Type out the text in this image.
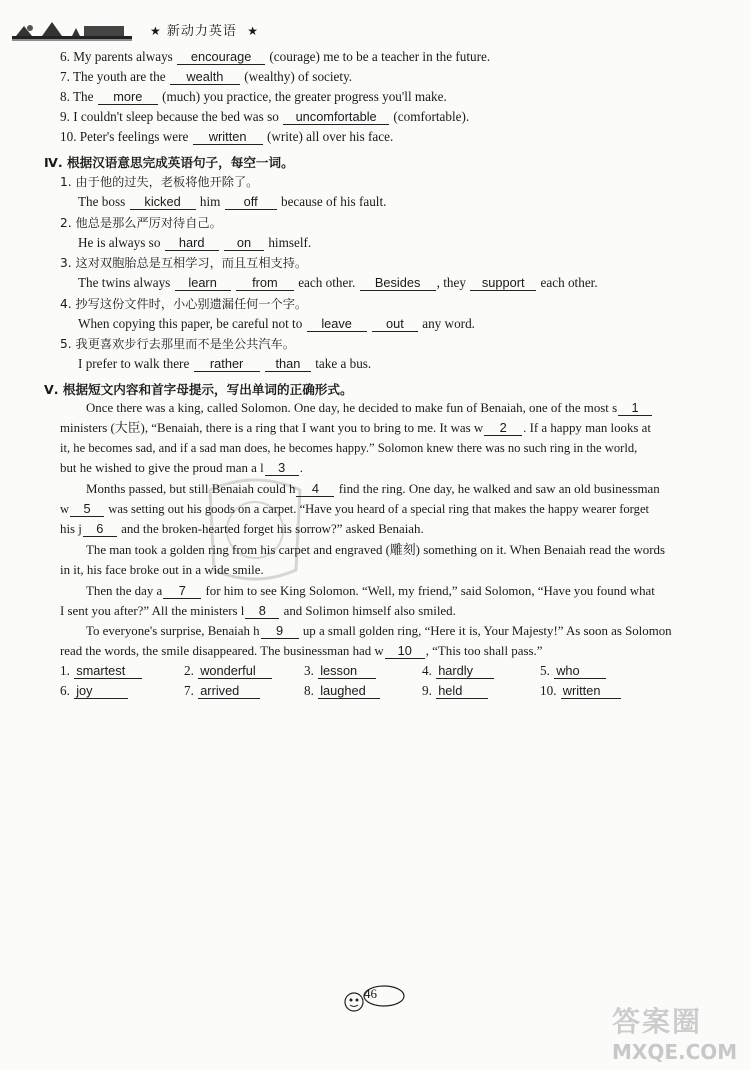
★ 新动力英语 ★
6. My parents always encourage (courage) me to be a teacher in the future.
7. The youth are the wealth (wealthy) of society.
8. The more (much) you practice, the greater progress you'll make.
9. I couldn't sleep because the bed was so uncomfortable (comfortable).
10. Peter's feelings were written (write) all over his face.
Ⅳ. 根据汉语意思完成英语句子，每空一词。
1. 由于他的过失，老板将他开除了。
The boss kicked him off because of his fault.
2. 他总是那么严厉对待自己。
He is always so hard	on himself.
3. 这对双胞胎总是互相学习，而且互相支持。
The twins always learn	from each other. Besides , they support each other.
4. 抄写这份文件时，小心别遗漏任何一个字。
When copying this paper, be careful not to leave	out any word.
5. 我更喜欢步行去那里而不是坐公共汽车。
I prefer to walk there rather	than take a bus.
Ⅴ. 根据短文内容和首字母提示，写出单词的正确形式。
Once there was a king, called Solomon. One day, he decided to make fun of Benaiah, one of the most s 1
ministers (大臣), “Benaiah, there is a ring that I want you to bring to me. It was w 2 . If a happy man looks at
it, he becomes sad, and if a sad man does, he becomes happy.” Solomon knew there was no such ring in the world,
but he wished to give the proud man a l 3 .
Months passed, but still Benaiah could h 4 find the ring. One day, he walked and saw an old businessman
w 5 was setting out his goods on a carpet. “Have you heard of a special ring that makes the happy wearer forget
his j 6 and the broken-hearted forget his sorrow?” asked Benaiah.
The man took a golden ring from his carpet and engraved (雕刻) something on it. When Benaiah read the words
in it, his face broke out in a wide smile.
Then the day a 7 for him to see King Solomon. “Well, my friend,” said Solomon, “Have you found what
I sent you after?” All the ministers l 8 and Solimon himself also smiled.
To everyone's surprise, Benaiah h 9 up a small golden ring, “Here it is, Your Majesty!” As soon as Solomon
read the words, the smile disappeared. The businessman had w 10 , “This too shall pass.”
1. smartest	2. wonderful	3. lesson	4. hardly	5. who
6. joy	7. arrived	8. laughed	9. held	10. written
46
答案圈
MXQE.COM
